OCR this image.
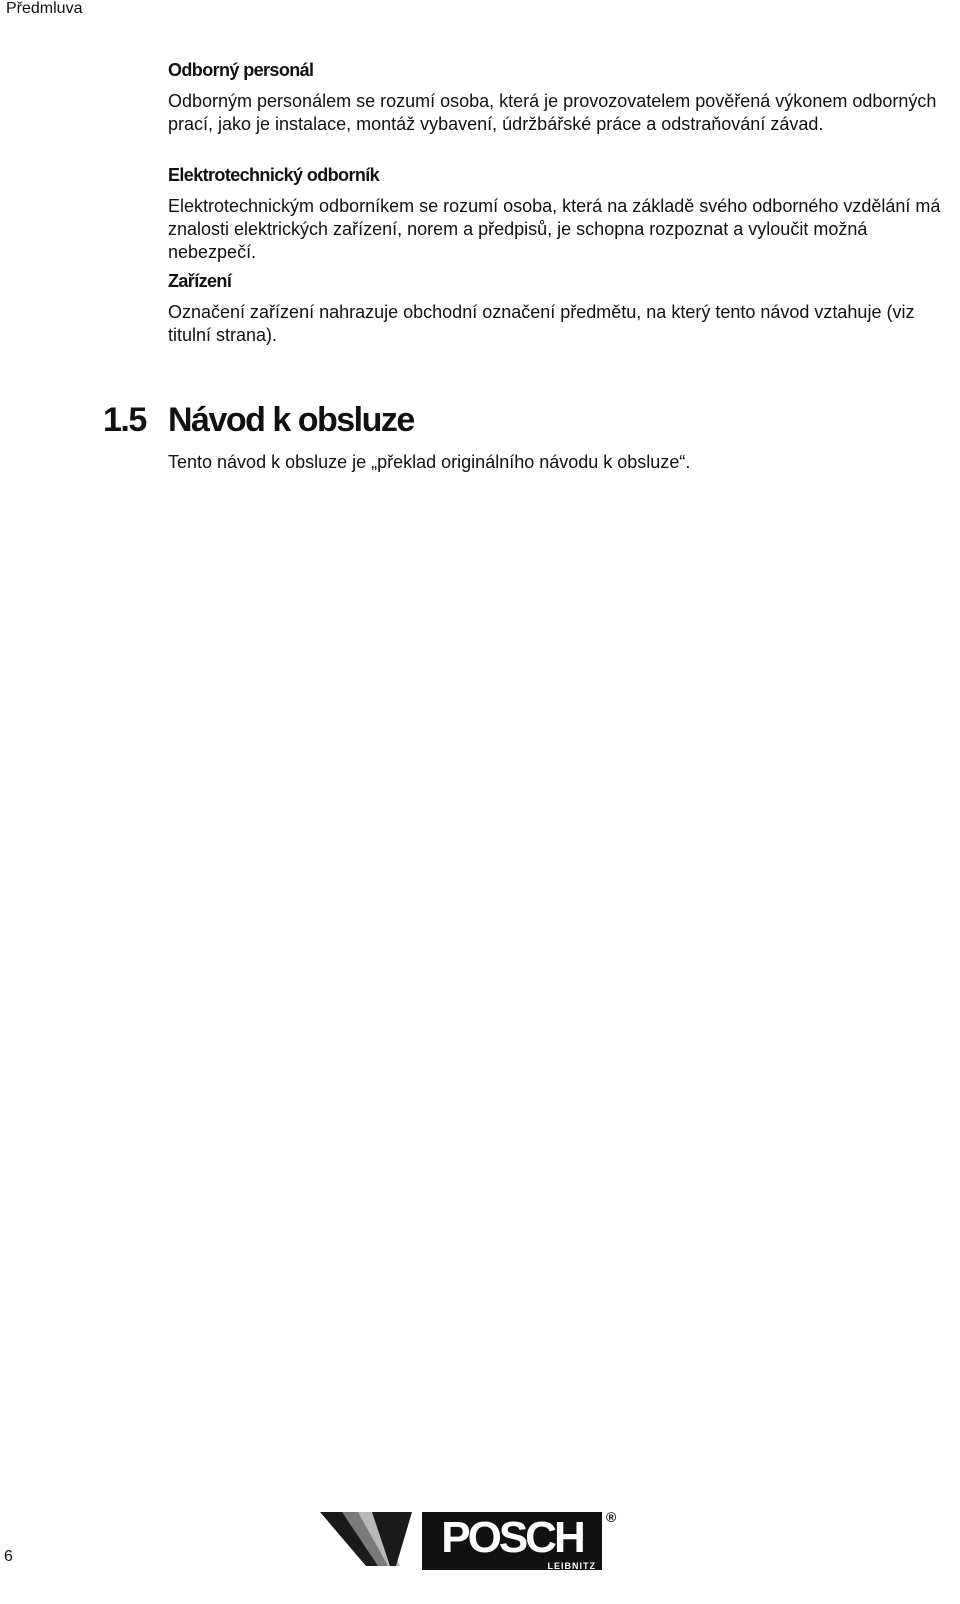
Předmluva
Odborný personál
Odborným personálem se rozumí osoba, která je provozovatelem pověřená výkonem odborných prací, jako je instalace, montáž vybavení, údržbářské práce a odstraňování závad.
Elektrotechnický odborník
Elektrotechnickým odborníkem se rozumí osoba, která na základě svého odborného vzdělání má znalosti elektrických zařízení, norem a předpisů, je schopna rozpoznat a vyloučit možná nebezpečí.
Zařízení
Označení zařízení nahrazuje obchodní označení předmětu, na který tento návod vztahuje (viz titulní strana).
Tento návod k obsluze je „překlad originálního návodu k obsluze“.
1.5 Návod k obsluze
6	POSCH
LEIBNITZ
®
